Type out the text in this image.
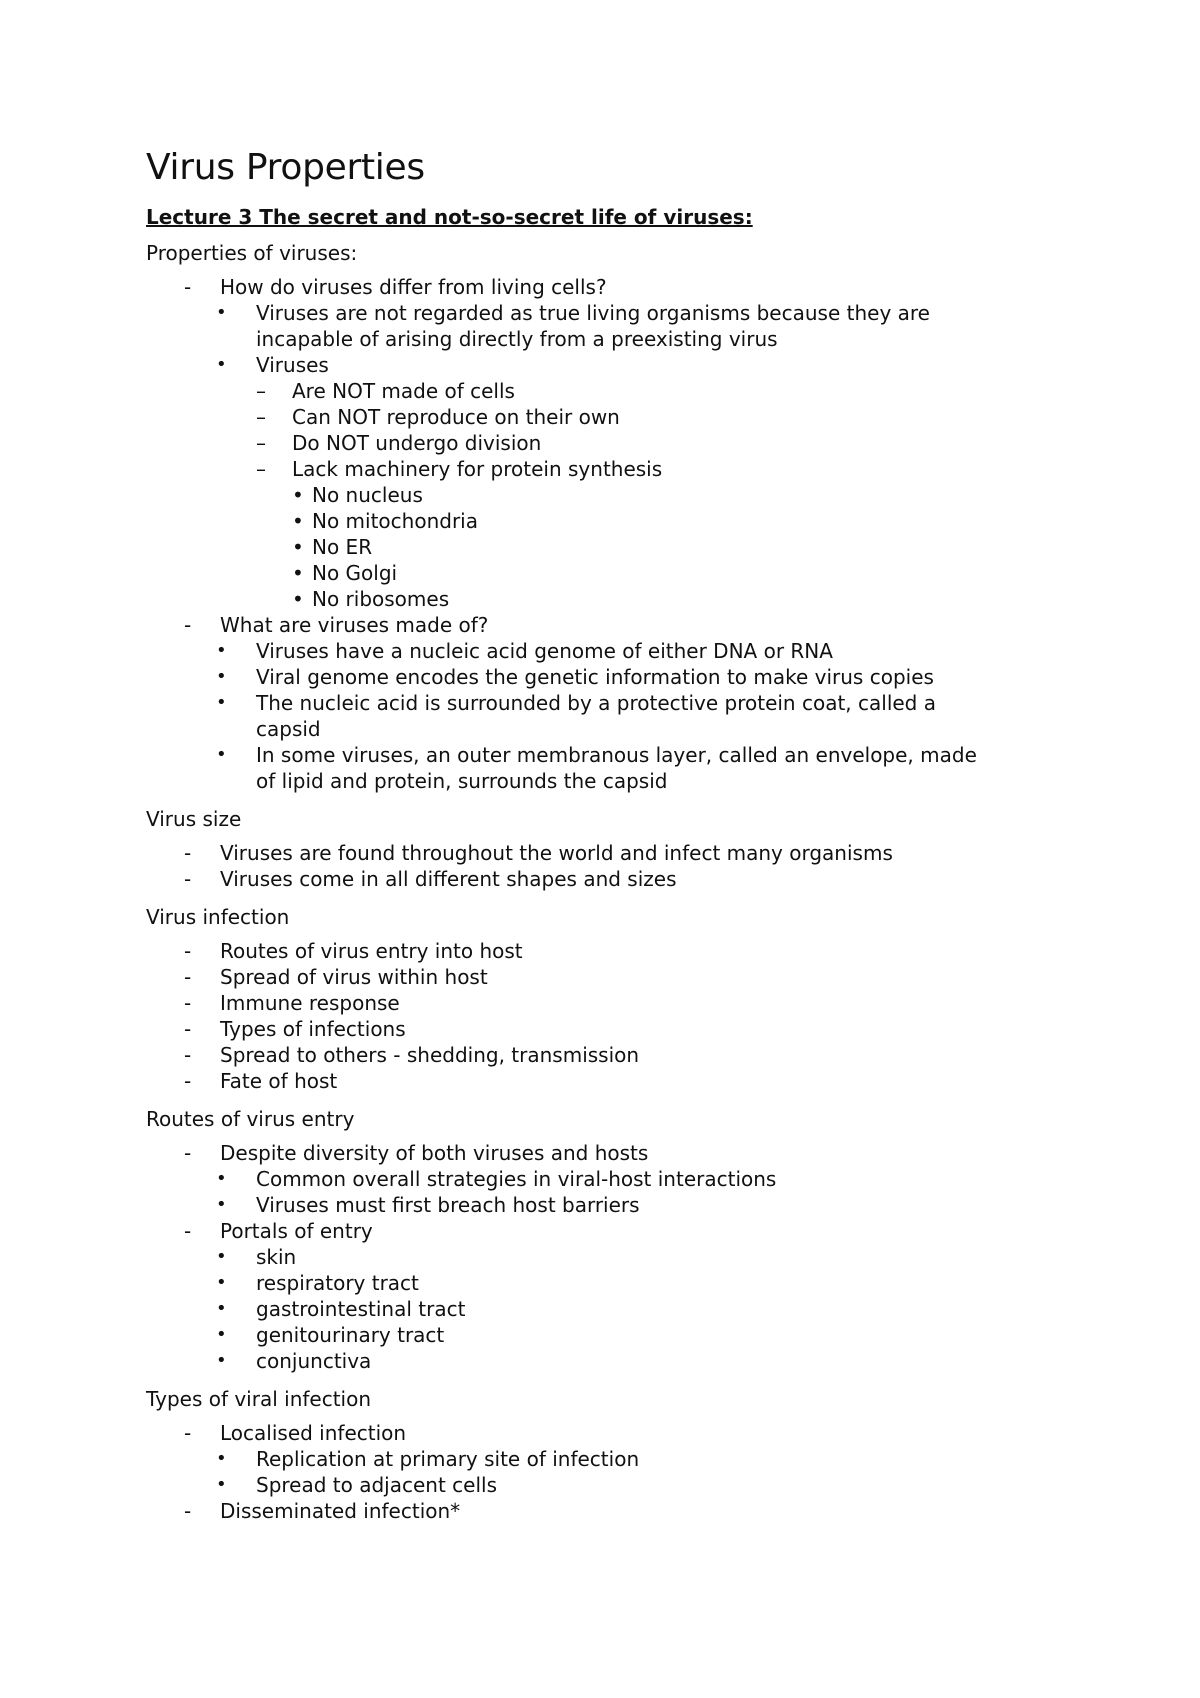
Virus Properties
Lecture 3 The secret and not-so-secret life of viruses:
Properties of viruses:
- How do viruses differ from living cells?
• Viruses are not regarded as true living organisms because they are
incapable of arising directly from a preexisting virus
• Viruses
– Are NOT made of cells
– Can NOT reproduce on their own
– Do NOT undergo division
– Lack machinery for protein synthesis
• No nucleus
• No mitochondria
• No ER
• No Golgi
• No ribosomes
- What are viruses made of?
• Viruses have a nucleic acid genome of either DNA or RNA
• Viral genome encodes the genetic information to make virus copies
• The nucleic acid is surrounded by a protective protein coat, called a
capsid
• In some viruses, an outer membranous layer, called an envelope, made
of lipid and protein, surrounds the capsid
Virus size
- Viruses are found throughout the world and infect many organisms
- Viruses come in all different shapes and sizes
Virus infection
- Routes of virus entry into host
- Spread of virus within host
- Immune response
- Types of infections
- Spread to others - shedding, transmission
- Fate of host
Routes of virus entry
- Despite diversity of both viruses and hosts
• Common overall strategies in viral-host interactions
• Viruses must first breach host barriers
- Portals of entry
• skin
• respiratory tract
• gastrointestinal tract
• genitourinary tract
• conjunctiva
Types of viral infection
- Localised infection
• Replication at primary site of infection
• Spread to adjacent cells
- Disseminated infection*
